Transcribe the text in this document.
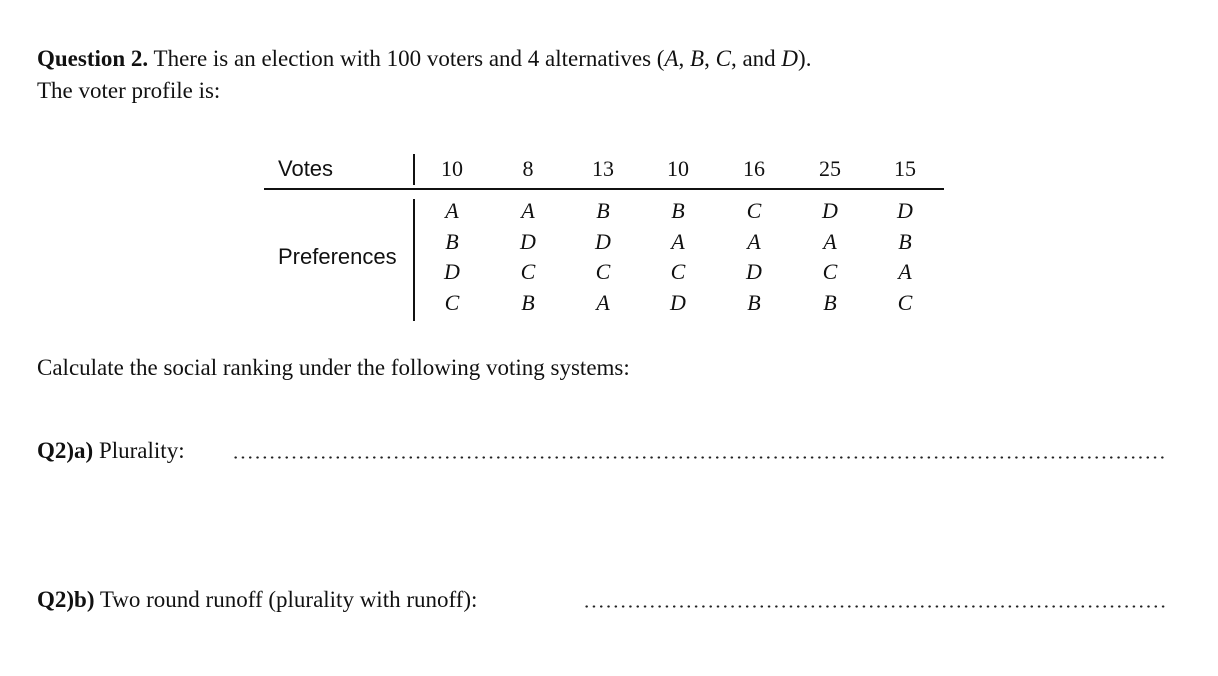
Question 2. There is an election with 100 voters and 4 alternatives (A, B, C, and D).
The voter profile is:
Votes
Preferences
10
A
B
D
C
8
A
D
C
B
13
B
D
C
A
10
B
A
C
D
16
C
A
D
B
25
D
A
C
B
15
D
B
A
C
Calculate the social ranking under the following voting systems:
Q2)a) Plurality:
Q2)b) Two round runoff (plurality with runoff):
